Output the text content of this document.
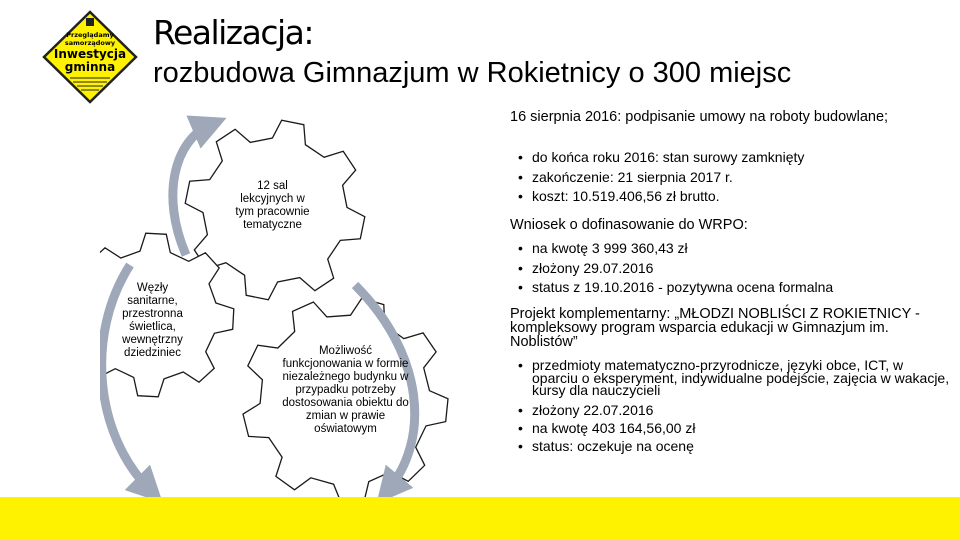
Przeglądamy
samorządowy
Inwestycja
gminna
Realizacja:
rozbudowa Gimnazjum w Rokietnicy o 300 miejsc
12 sal lekcyjnych w tym pracownie tematyczne
Węzły sanitarne, przestronna świetlica, wewnętrzny dziedziniec	Możliwość funkcjonowania w formie niezależnego budynku w przypadku potrzeby dostosowania obiektu do zmian w prawie oświatowym
16 sierpnia 2016: podpisanie umowy na roboty budowlane;
• do końca roku 2016: stan surowy zamknięty
• zakończenie: 21 sierpnia 2017 r.
• koszt: 10.519.406,56 zł brutto.
Wniosek o dofinasowanie do WRPO:
• na kwotę 3 999 360,43 zł
• złożony 29.07.2016
• status z 19.10.2016 - pozytywna ocena formalna
Projekt komplementarny: „MŁODZI NOBLIŚCI Z ROKIETNICY - kompleksowy program wsparcia edukacji w Gimnazjum im. Noblistów”
• przedmioty matematyczno-przyrodnicze, języki obce, ICT, w oparciu o eksperyment, indywidualne podejście, zajęcia w wakacje, kursy dla nauczycieli
• złożony 22.07.2016
• na kwotę 403 164,56,00 zł
• status: oczekuje na ocenę
